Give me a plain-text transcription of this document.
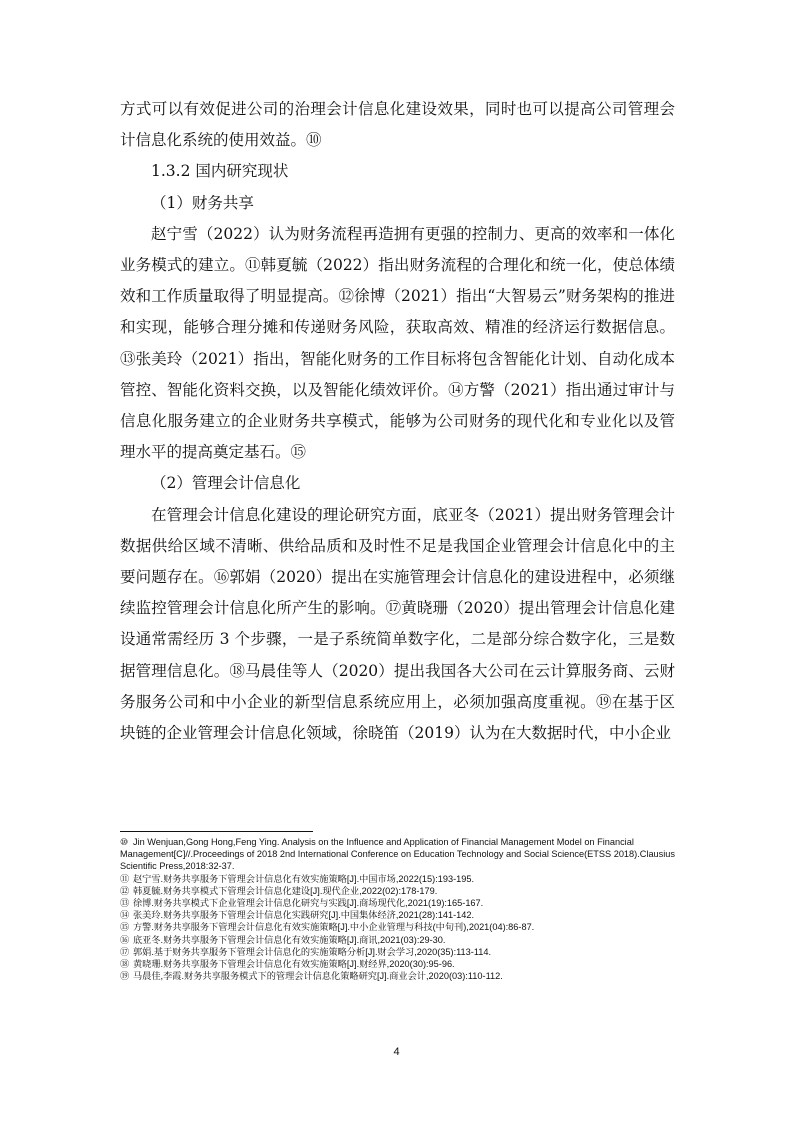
方式可以有效促进公司的治理会计信息化建设效果，同时也可以提高公司管理会计信息化系统的使用效益。⑩

1.3.2 国内研究现状

（1）财务共享

赵宁雪（2022）认为财务流程再造拥有更强的控制力、更高的效率和一体化业务模式的建立。⑪韩夏毓（2022）指出财务流程的合理化和统一化，使总体绩效和工作质量取得了明显提高。⑫徐博（2021）指出“大智易云”财务架构的推进和实现，能够合理分摊和传递财务风险，获取高效、精准的经济运行数据信息。⑬张美玲（2021）指出，智能化财务的工作目标将包含智能化计划、自动化成本管控、智能化资料交换，以及智能化绩效评价。⑭方警（2021）指出通过审计与信息化服务建立的企业财务共享模式，能够为公司财务的现代化和专业化以及管理水平的提高奠定基石。⑮

（2）管理会计信息化

在管理会计信息化建设的理论研究方面，底亚冬（2021）提出财务管理会计数据供给区域不清晰、供给品质和及时性不足是我国企业管理会计信息化中的主要问题存在。⑯郭娟（2020）提出在实施管理会计信息化的建设进程中，必须继续监控管理会计信息化所产生的影响。⑰黄晓珊（2020）提出管理会计信息化建设通常需经历 3 个步骤，一是子系统简单数字化，二是部分综合数字化，三是数据管理信息化。⑱马晨佳等人（2020）提出我国各大公司在云计算服务商、云财务服务公司和中小企业的新型信息系统应用上，必须加强高度重视。⑲在基于区块链的企业管理会计信息化领域，徐晓笛（2019）认为在大数据时代，中小企业

⑩ Jin Wenjuan,Gong Hong,Feng Ying. Analysis on the Influence and Application of Financial Management Model on Financial Management[C]//.Proceedings of 2018 2nd International Conference on Education Technology and Social Science(ETSS 2018).Clausius Scientific Press,2018:32-37.

⑪ 赵宁雪.财务共享服务下管理会计信息化有效实施策略[J].中国市场,2022(15):193-195.

⑫ 韩夏毓.财务共享模式下管理会计信息化建设[J].现代企业,2022(02):178-179.

⑬ 徐博.财务共享模式下企业管理会计信息化研究与实践[J].商场现代化,2021(19):165-167.

⑭ 张美玲.财务共享服务下管理会计信息化实践研究[J].中国集体经济,2021(28):141-142.

⑮ 方警.财务共享服务下管理会计信息化有效实施策略[J].中小企业管理与科技(中旬刊),2021(04):86-87.

⑯ 底亚冬.财务共享服务下管理会计信息化有效实施策略[J].商讯,2021(03):29-30.

⑰ 郭娟.基于财务共享服务下管理会计信息化的实施策略分析[J].财会学习,2020(35):113-114.

⑱ 黄晓珊.财务共享服务下管理会计信息化有效实施策略[J].财经界,2020(30):95-96.

⑲ 马晨佳,李霞.财务共享服务模式下的管理会计信息化策略研究[J].商业会计,2020(03):110-112.

4
